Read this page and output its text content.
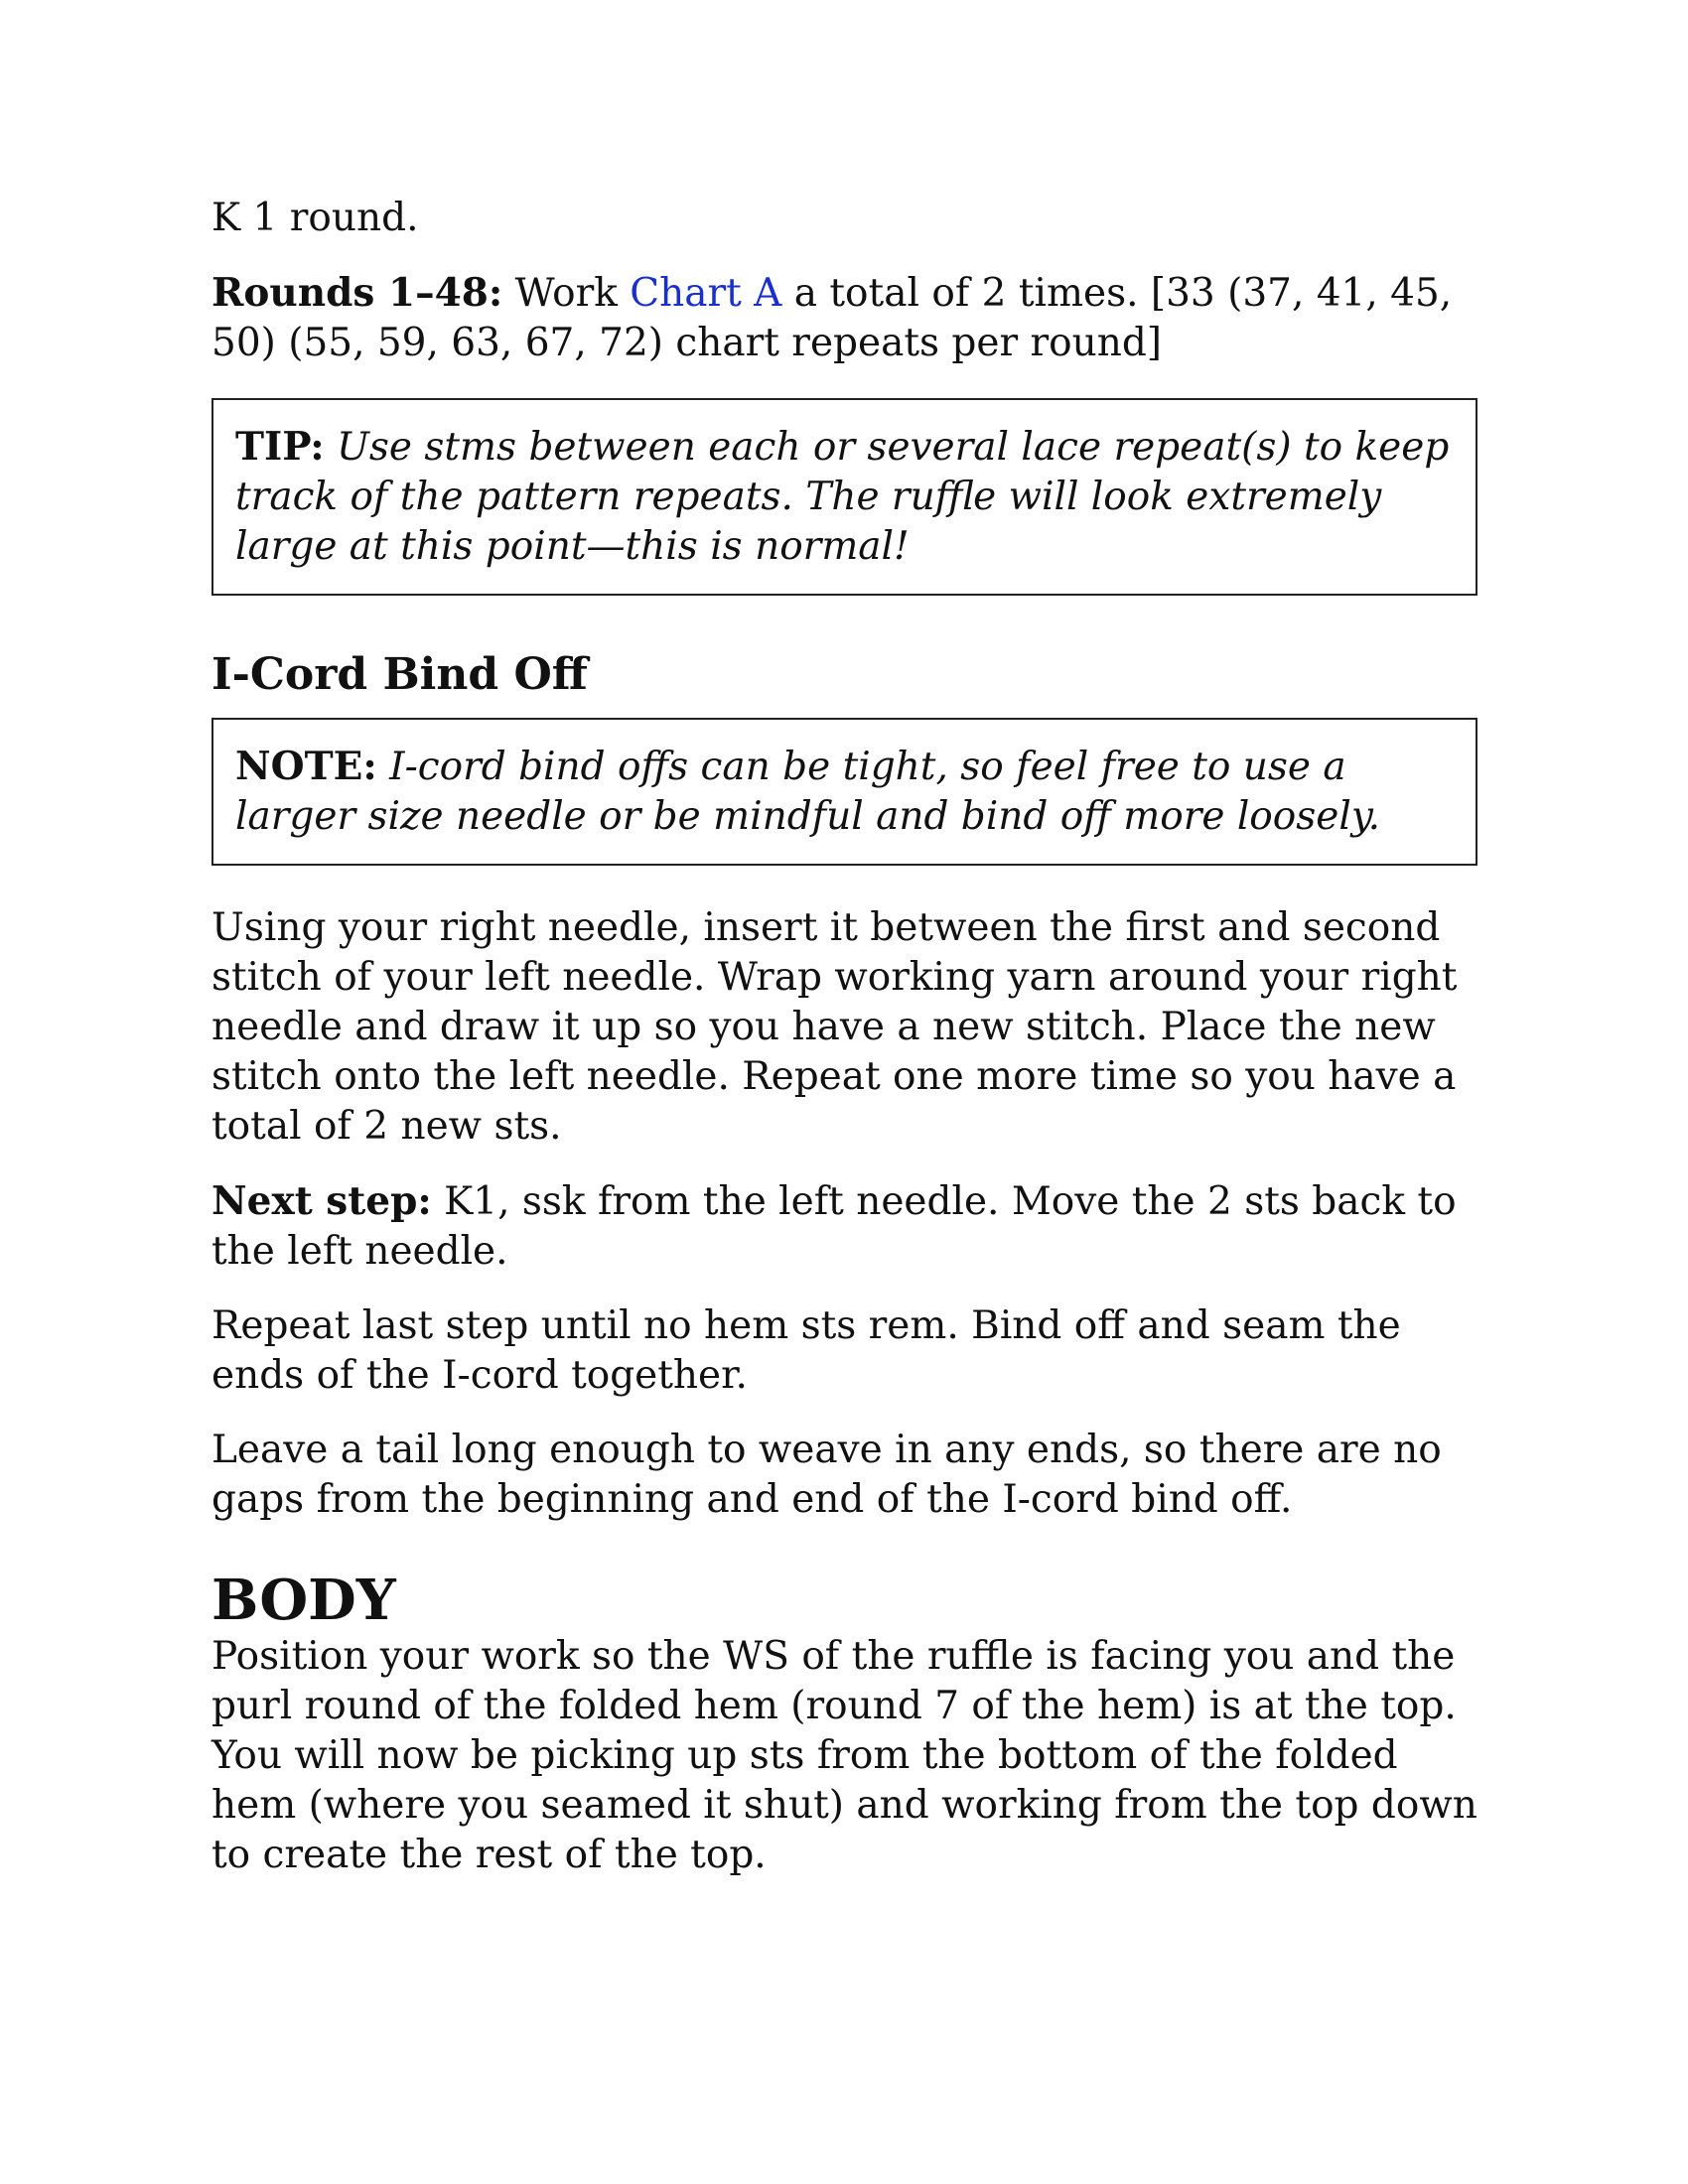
K 1 round.

Rounds 1–48: Work Chart A a total of 2 times. [33 (37, 41, 45, 50) (55, 59, 63, 67, 72) chart repeats per round]

TIP: Use stms between each or several lace repeat(s) to keep track of the pattern repeats. The ruffle will look extremely large at this point—this is normal!

I-Cord Bind Off

NOTE: I-cord bind offs can be tight, so feel free to use a larger size needle or be mindful and bind off more loosely.

Using your right needle, insert it between the first and second stitch of your left needle. Wrap working yarn around your right needle and draw it up so you have a new stitch. Place the new stitch onto the left needle. Repeat one more time so you have a total of 2 new sts.

Next step: K1, ssk from the left needle. Move the 2 sts back to the left needle.

Repeat last step until no hem sts rem. Bind off and seam the ends of the I-cord together.

Leave a tail long enough to weave in any ends, so there are no gaps from the beginning and end of the I-cord bind off.

BODY

Position your work so the WS of the ruffle is facing you and the purl round of the folded hem (round 7 of the hem) is at the top. You will now be picking up sts from the bottom of the folded hem (where you seamed it shut) and working from the top down to create the rest of the top.
